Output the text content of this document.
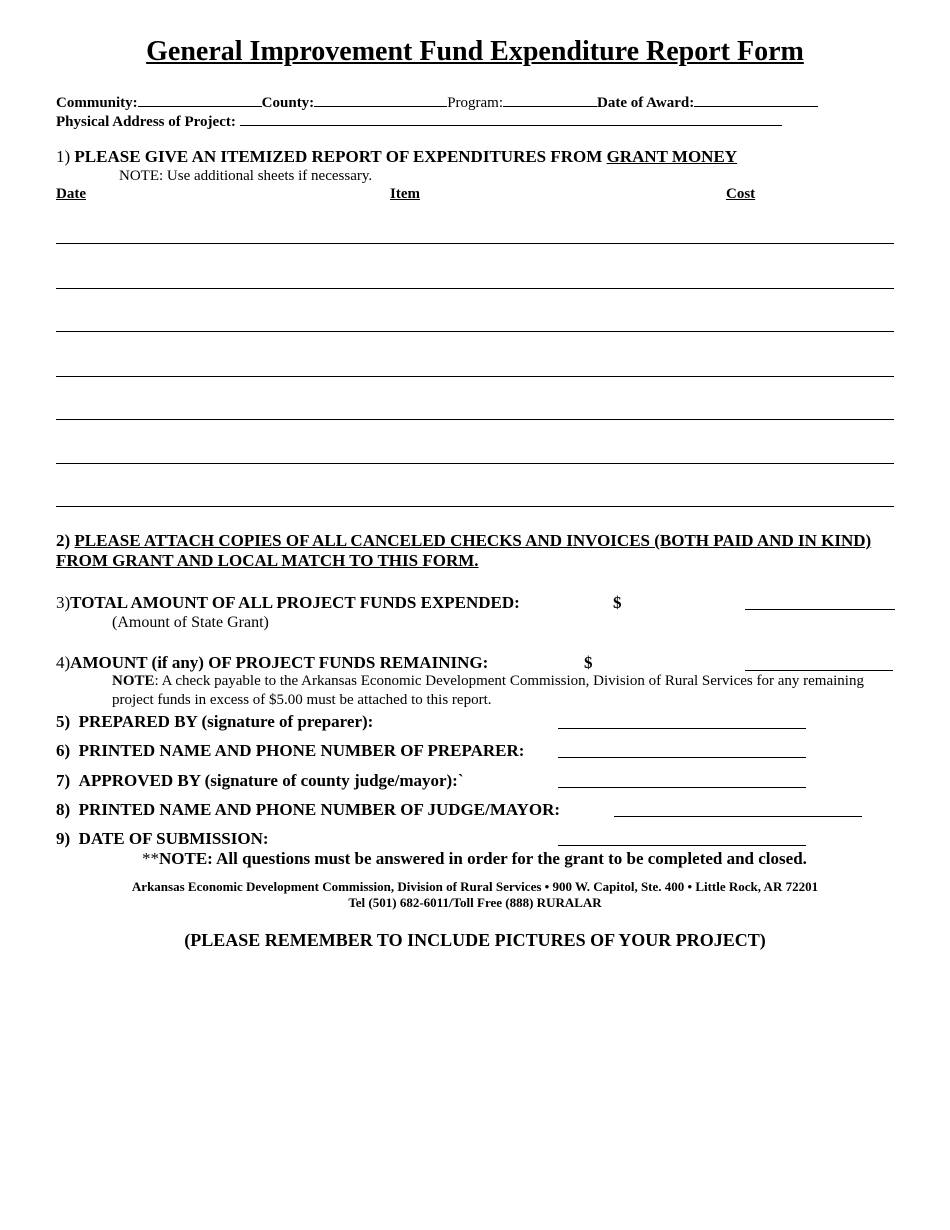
General Improvement Fund Expenditure Report Form
Community:	County:	Program:	Date of Award:
Physical Address of Project:
1) PLEASE GIVE AN ITEMIZED REPORT OF EXPENDITURES FROM GRANT MONEY
NOTE: Use additional sheets if necessary.
Date	Item	Cost
2) PLEASE ATTACH COPIES OF ALL CANCELED CHECKS AND INVOICES (BOTH PAID AND IN KIND)
FROM GRANT AND LOCAL MATCH TO THIS FORM.
3)TOTAL AMOUNT OF ALL PROJECT FUNDS EXPENDED:	$
(Amount of State Grant)
4)AMOUNT (if any) OF PROJECT FUNDS REMAINING:	$
NOTE: A check payable to the Arkansas Economic Development Commission, Division of Rural Services for any remaining
project funds in excess of $5.00 must be attached to this report.
5) PREPARED BY (signature of preparer):
6) PRINTED NAME AND PHONE NUMBER OF PREPARER:
7) APPROVED BY (signature of county judge/mayor):`
8) PRINTED NAME AND PHONE NUMBER OF JUDGE/MAYOR:
9) DATE OF SUBMISSION:
**NOTE: All questions must be answered in order for the grant to be completed and closed.
Arkansas Economic Development Commission, Division of Rural Services • 900 W. Capitol, Ste. 400 • Little Rock, AR 72201
Tel (501) 682-6011/Toll Free (888) RURALAR
(PLEASE REMEMBER TO INCLUDE PICTURES OF YOUR PROJECT)
